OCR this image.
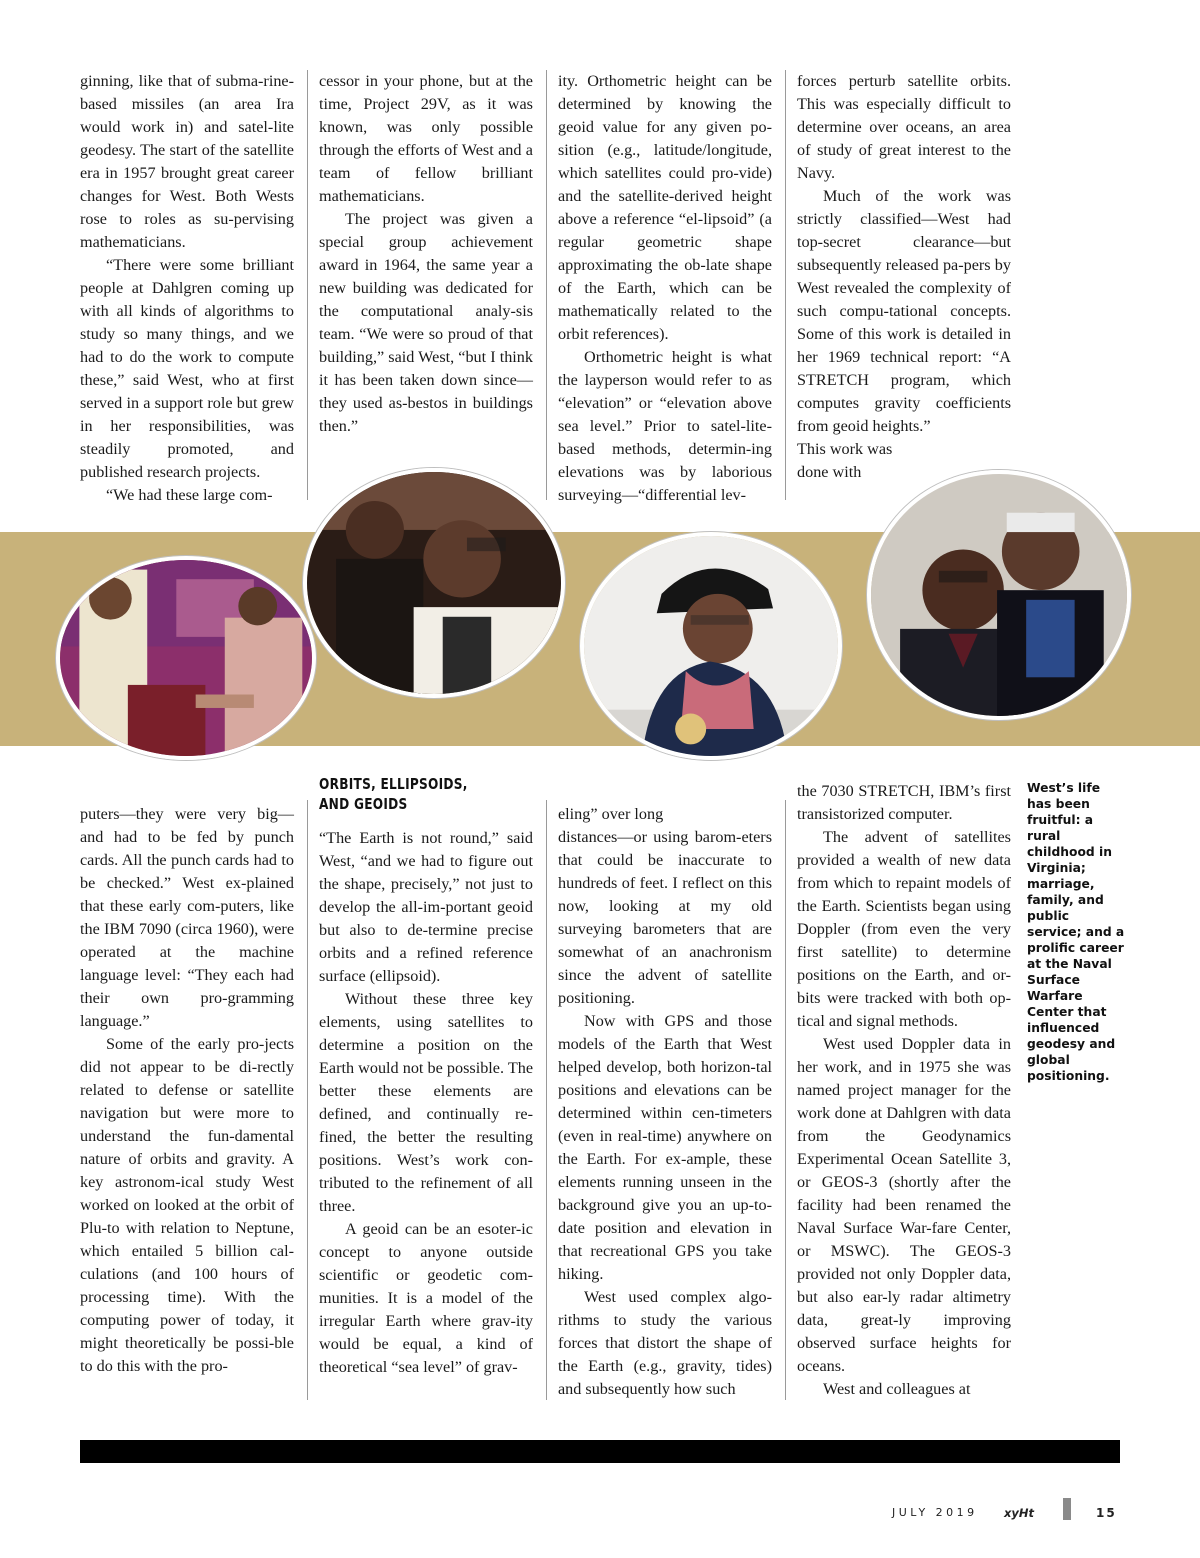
ginning, like that of subma-rine-based missiles (an area Ira would work in) and satel-lite geodesy. The start of the satellite era in 1957 brought great career changes for West. Both Wests rose to roles as su-pervising mathematicians.

“There were some brilliant people at Dahlgren coming up with all kinds of algorithms to study so many things, and we had to do the work to compute these,” said West, who at first served in a support role but grew in her responsibilities, was steadily promoted, and published research projects.

“We had these large com-

cessor in your phone, but at the time, Project 29V, as it was known, was only possible through the efforts of West and a team of fellow brilliant mathematicians.

The project was given a special group achievement award in 1964, the same year a new building was dedicated for the computational analy-sis team. “We were so proud of that building,” said West, “but I think it has been taken down since—they used as-bestos in buildings then.”

ity. Orthometric height can be determined by knowing the geoid value for any given po-sition (e.g., latitude/longitude, which satellites could pro-vide) and the satellite-derived height above a reference “el-lipsoid” (a regular geometric shape approximating the ob-late shape of the Earth, which can be mathematically related to the orbit references).

Orthometric height is what the layperson would refer to as “elevation” or “elevation above sea level.” Prior to satel-lite-based methods, determin-ing elevations was by laborious surveying—“differential lev-

forces perturb satellite orbits. This was especially difficult to determine over oceans, an area of study of great interest to the Navy.

Much of the work was strictly classified—West had top-secret clearance—but subsequently released pa-pers by West revealed the complexity of such compu-tational concepts. Some of this work is detailed in her 1969 technical report: “A STRETCH program, which computes gravity coefficients from geoid heights.”

This work was

done with

ORBITS, ELLIPSOIDS,
AND GEOIDS

puters—they were very big—and had to be fed by punch cards. All the punch cards had to be checked.” West ex-plained that these early com-puters, like the IBM 7090 (circa 1960), were operated at the machine language level: “They each had their own pro-gramming language.”

Some of the early pro-jects did not appear to be di-rectly related to defense or satellite navigation but were more to understand the fun-damental nature of orbits and gravity. A key astronom-ical study West worked on looked at the orbit of Plu-to with relation to Neptune, which entailed 5 billion cal-culations (and 100 hours of processing time). With the computing power of today, it might theoretically be possi-ble to do this with the pro-

“The Earth is not round,” said West, “and we had to figure out the shape, precisely,” not just to develop the all-im-portant geoid but also to de-termine precise orbits and a refined reference surface (ellipsoid).

Without these three key elements, using satellites to determine a position on the Earth would not be possible. The better these elements are defined, and continually re-fined, the better the resulting positions. West’s work con-tributed to the refinement of all three.

A geoid can be an esoter-ic concept to anyone outside scientific or geodetic com-munities. It is a model of the irregular Earth where grav-ity would be equal, a kind of theoretical “sea level” of grav-

eling” over long

distances—or using barom-eters that could be inaccurate to hundreds of feet. I reflect on this now, looking at my old surveying barometers that are somewhat of an anachronism since the advent of satellite positioning.

Now with GPS and those models of the Earth that West helped develop, both horizon-tal positions and elevations can be determined within cen-timeters (even in real-time) anywhere on the Earth. For ex-ample, these elements running unseen in the background give you an up-to-date position and elevation in that recreational GPS you take hiking.

West used complex algo-rithms to study the various forces that distort the shape of the Earth (e.g., gravity, tides) and subsequently how such

the 7030 STRETCH, IBM’s first transistorized computer.

The advent of satellites provided a wealth of new data from which to repaint models of the Earth. Scientists began using Doppler (from even the very first satellite) to determine positions on the Earth, and or-bits were tracked with both op-tical and signal methods.

West used Doppler data in her work, and in 1975 she was named project manager for the work done at Dahlgren with data from the Geodynamics Experimental Ocean Satellite 3, or GEOS-3 (shortly after the facility had been renamed the Naval Surface War-fare Center, or MSWC). The GEOS-3 provided not only Doppler data, but also ear-ly radar altimetry data, great-ly improving observed surface heights for oceans.

West and colleagues at

West’s life has been fruitful: a rural childhood in Virginia; marriage, family, and public service; and a prolific career at the Naval Surface Warfare Center that influenced geodesy and global positioning.
JULY 2019 xyHt	15
